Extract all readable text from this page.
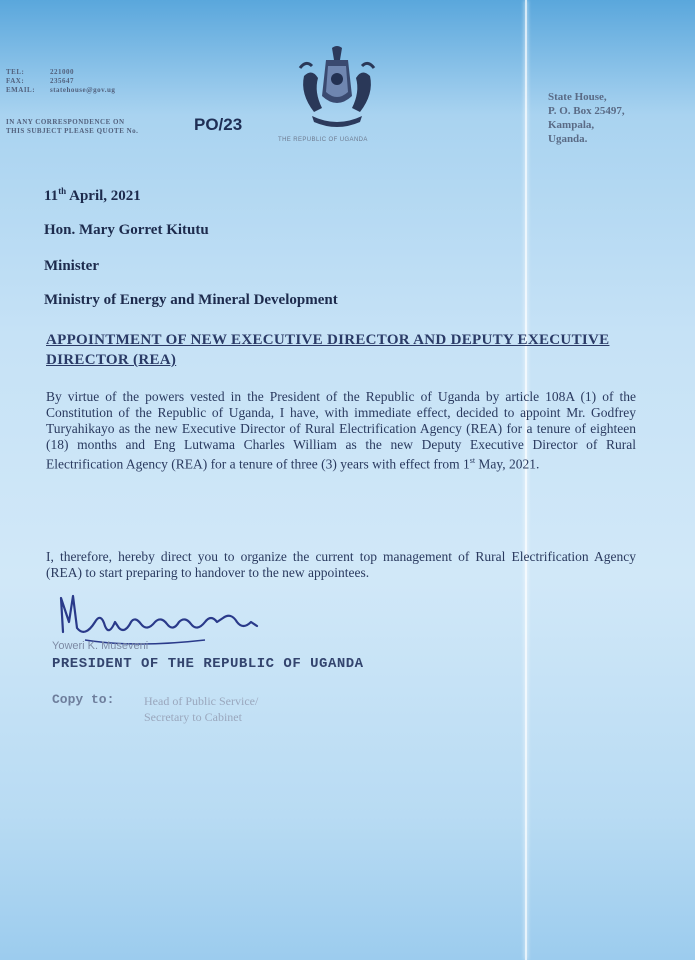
TEL:	221000
FAX:	235647
EMAIL: statehouse@gov.ug
IN ANY CORRESPONDENCE ON
THIS SUBJECT PLEASE QUOTE No.	PO/23
THE REPUBLIC OF UGANDA
State House,
P. O. Box 25497,
Kampala,
Uganda.
11th April, 2021
Hon. Mary Gorret Kitutu
Minister
Ministry of Energy and Mineral Development
APPOINTMENT OF NEW EXECUTIVE DIRECTOR AND DEPUTY EXECUTIVE DIRECTOR (REA)
By virtue of the powers vested in the President of the Republic of Uganda by article 108A (1) of the Constitution of the Republic of Uganda, I have, with immediate effect, decided to appoint Mr. Godfrey Turyahikayo as the new Executive Director of Rural Electrification Agency (REA) for a tenure of eighteen (18) months and Eng Lutwama Charles William as the new Deputy Executive Director of Rural Electrification Agency (REA) for a tenure of three (3) years with effect from 1st May, 2021.
I, therefore, hereby direct you to organize the current top management of Rural Electrification Agency (REA) to start preparing to handover to the new appointees.
Yoweri K. Museveni
PRESIDENT OF THE REPUBLIC OF UGANDA
Copy to: Head of Public Service/
Secretary to Cabinet
